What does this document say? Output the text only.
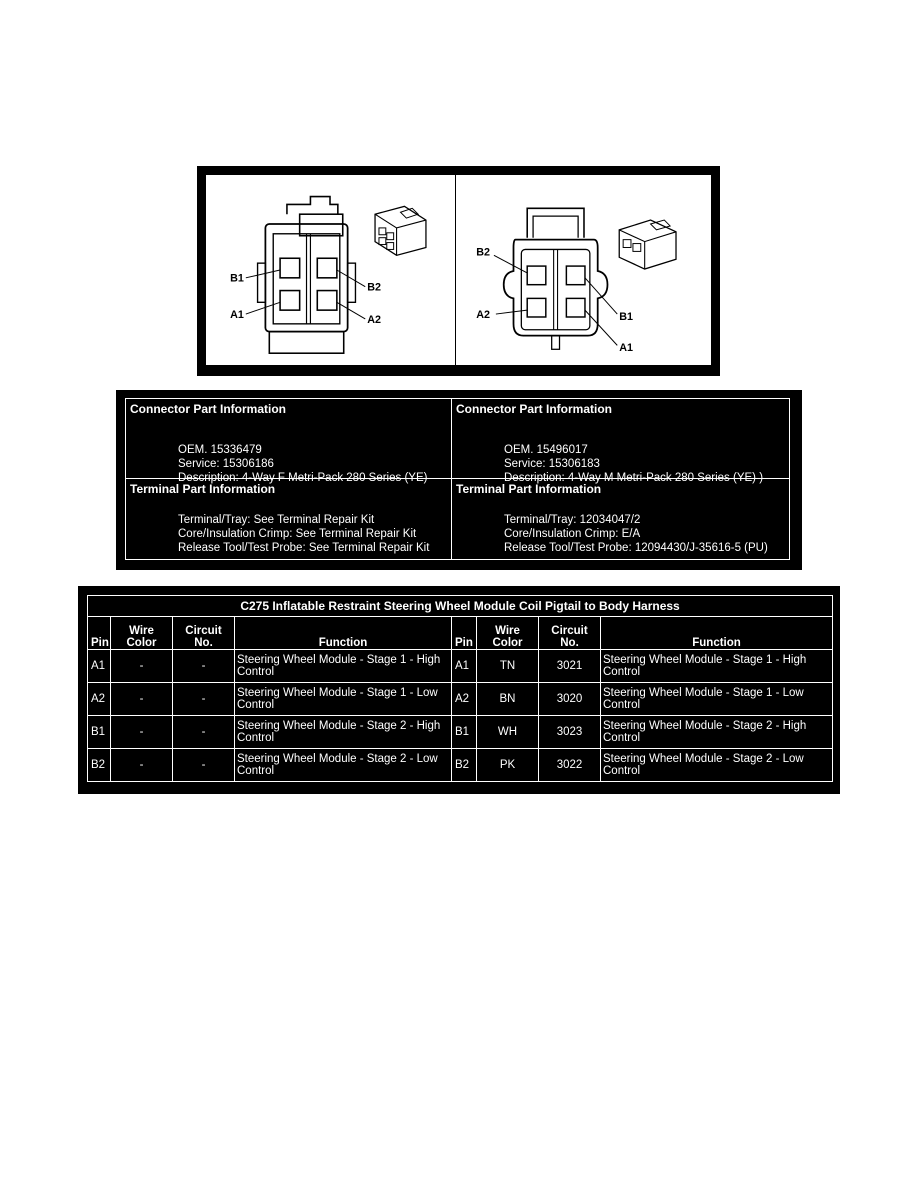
B1
A1
B2
A2
B2
A2	B1
A1
Connector Part Information
OEM. 15336479
Service: 15306186
Description: 4-Way F Metri-Pack 280 Series (YE)
Connector Part Information
OEM. 15496017
Service: 15306183
Description: 4-Way M Metri-Pack 280 Series (YE) )
Terminal Part Information
Terminal/Tray: See Terminal Repair Kit
Core/Insulation Crimp: See Terminal Repair Kit
Release Tool/Test Probe: See Terminal Repair Kit
Terminal Part Information
Terminal/Tray: 12034047/2
Core/Insulation Crimp: E/A
Release Tool/Test Probe: 12094430/J-35616-5 (PU)
C275 Inflatable Restraint Steering Wheel Module Coil Pigtail to Body Harness							
Pin	Wire Color	Circuit No.	Function	Pin	Wire Color	Circuit No.	Function
A1	-	-	Steering Wheel Module - Stage 1 - High Control	A1	TN	3021	Steering Wheel Module - Stage 1 - High Control
A2	-	-	Steering Wheel Module - Stage 1 - Low Control	A2	BN	3020	Steering Wheel Module - Stage 1 - Low Control
B1	-	-	Steering Wheel Module - Stage 2 - High Control	B1	WH	3023	Steering Wheel Module - Stage 2 - High Control
B2	-	-	Steering Wheel Module - Stage 2 - Low Control	B2	PK	3022	Steering Wheel Module - Stage 2 - Low Control
